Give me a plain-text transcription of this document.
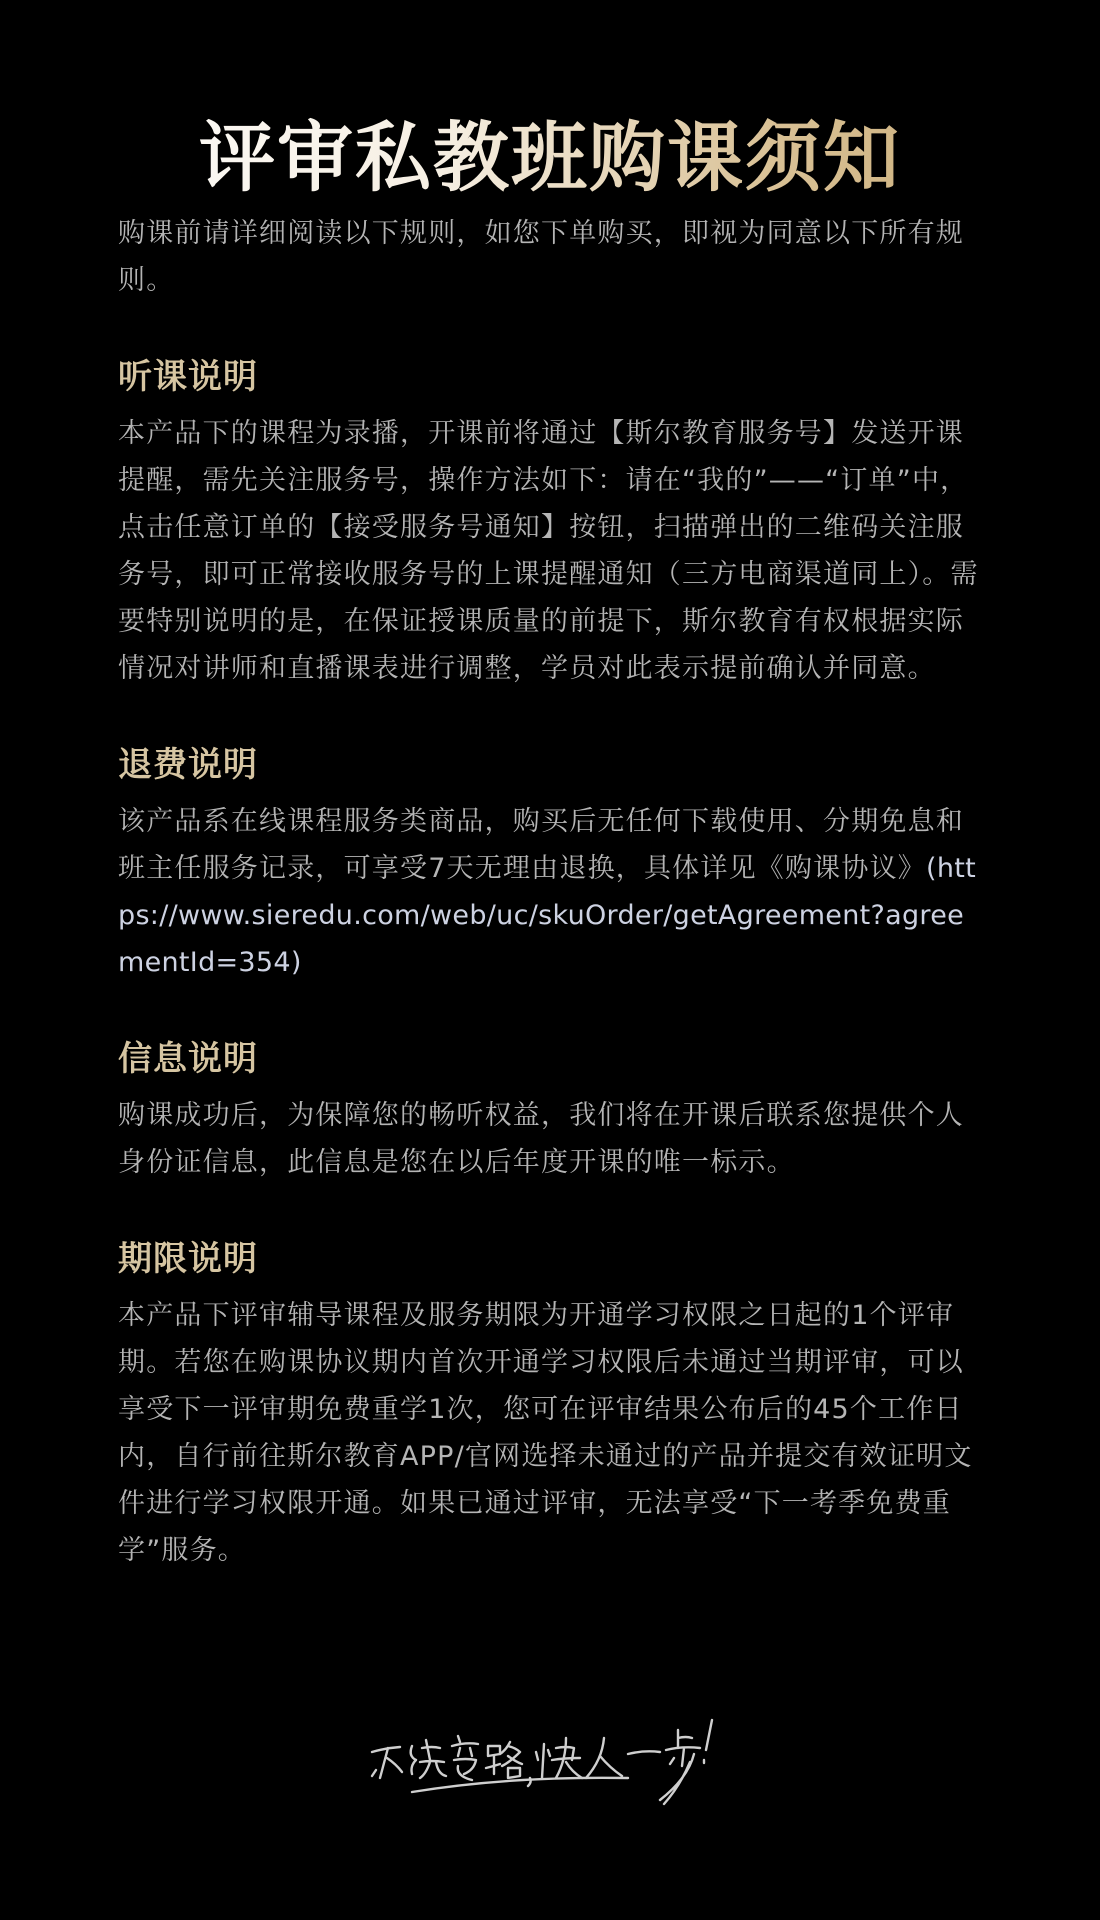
评审私教班购课须知

购课前请详细阅读以下规则，如您下单购买，即视为同意以下所有规则。

听课说明

本产品下的课程为录播，开课前将通过【斯尔教育服务号】发送开课提醒，需先关注服务号，操作方法如下：请在“我的”——“订单”中，点击任意订单的【接受服务号通知】按钮，扫描弹出的二维码关注服务号，即可正常接收服务号的上课提醒通知（三方电商渠道同上）。需要特别说明的是，在保证授课质量的前提下，斯尔教育有权根据实际情况对讲师和直播课表进行调整，学员对此表示提前确认并同意。

退费说明

该产品系在线课程服务类商品，购买后无任何下载使用、分期免息和班主任服务记录，可享受7天无理由退换，具体详见《购课协议》(https://www.sieredu.com/web/uc/skuOrder/getAgreement?agreementId=354)

信息说明

购课成功后，为保障您的畅听权益，我们将在开课后联系您提供个人身份证信息，此信息是您在以后年度开课的唯一标示。

期限说明

本产品下评审辅导课程及服务期限为开通学习权限之日起的1个评审期。若您在购课协议期内首次开通学习权限后未通过当期评审，可以享受下一评审期免费重学1次，您可在评审结果公布后的45个工作日内，自行前往斯尔教育APP/官网选择未通过的产品并提交有效证明文件进行学习权限开通。如果已通过评审，无法享受“下一考季免费重学”服务。
